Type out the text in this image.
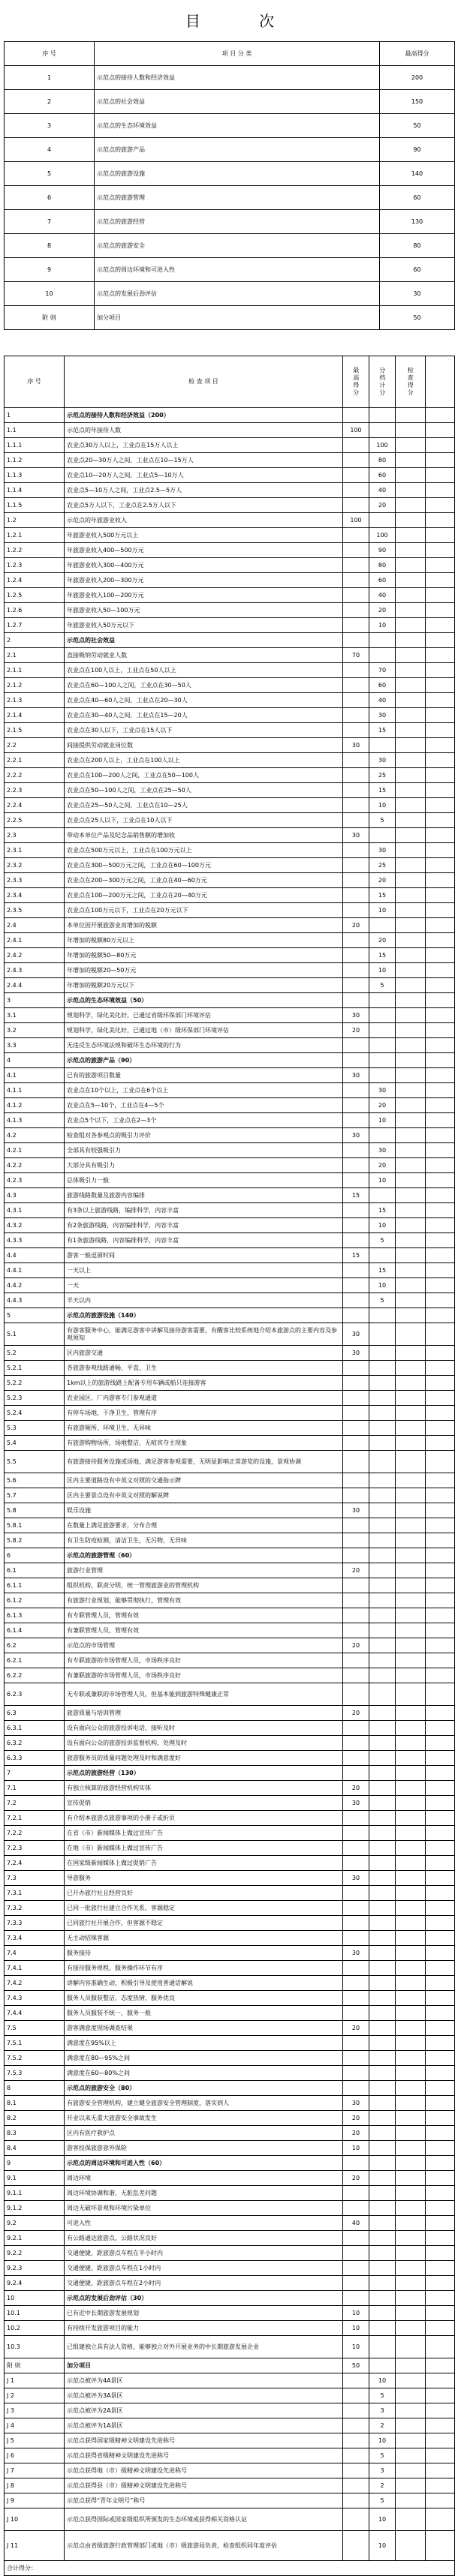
目 次
序 号	项 目 分 类	最高得分
1	示范点的接待人数和经济效益	200
2	示范点的社会效益	150
3	示范点的生态环境效益	50
4	示范点的旅游产品	90
5	示范点的旅游设施	140
6	示范点的旅游管理	60
7	示范点的旅游经营	130
8	示范点的旅游安全	80
9	示范点的周边环境和可进入性	60
10	示范点的发展后劲评估	30
附 则	加分项目	50
序 号	检 查 项 目	最高得分	分档计分	检查得分	
1	示范点的接待人数和经济效益（200）				
1.1	示范点的年接待人数	100			
1.1.1	农业点30万人以上，工业点在15万人以上		100		
1.1.2	农业点20—30万人之间，工业点在10—15万人		80		
1.1.3	农业点10—20万人之间，工业点5—10万人		60		
1.1.4	农业点5—10万人之间，工业点2.5—5万人		40		
1.1.5	农业点5万人以下，工业点在2.5万人以下		20		
1.2	示范点的年旅游业收入	100			
1.2.1	年旅游业收入500万元以上		100		
1.2.2	年旅游业收入400—500万元		90		
1.2.3	年旅游业收入300—400万元		80		
1.2.4	年旅游业收入200—300万元		60		
1.2.5	年旅游业收入100—200万元		40		
1.2.6	年旅游业收入50—100万元		20		
1.2.7	年旅游业收入50万元以下		10		
2	示范点的社会效益				
2.1	直接吸纳劳动就业人数	70			
2.1.1	农业点在100人以上，工业点在50人以上		70		
2.1.2	农业点在60—100人之间，工业点在30—50人		60		
2.1.3	农业点在40—60人之间，工业点在20—30人		40		
2.1.4	农业点在30—40人之间，工业点在15—20人		30		
2.1.5	农业点在30人以下，工业点在15人以下		15		
2.2	间接提供劳动就业岗位数	30			
2.2.1	农业点在200人以上，工业点在100人以上		30		
2.2.2	农业点在100—200人之间，工业点在50—100人		25		
2.2.3	农业点在50—100人之间，工业点在25—50人		15		
2.2.4	农业点在25—50人之间，工业点在10—25人		10		
2.2.5	农业点在25人以下，工业点在10人以下		5		
2.3	带动本单位产品及纪念品销售额的增加收	30			
2.3.1	农业点在500万元以上，工业点在100万元以上		30		
2.3.2	农业点在300—500万元之间，工业点在60—100万元		25		
2.3.3	农业点在200—300万元之间，工业点在40—60万元		20		
2.3.4	农业点在100—200万元之间，工业点在20—40万元		15		
2.3.5	农业点在100万元以下，工业点在20万元以下		10		
2.4	本单位因开展旅游业而增加的税额	20			
2.4.1	年增加的税额80万元以上		20		
2.4.2	年增加的税额50—80万元		15		
2.4.3	年增加的税额20—50万元		10		
2.4.4	年增加的税额20万元以下		5		
3	示范点的生态环境效益（50）				
3.1	规划科学，绿化美化好，已通过省级环保部门环境评估	30			
3.2	规划科学，绿化美化好，已通过地（市）级环保部门环境评估	20			
3.3	无违反生态环境法规和破坏生态环境的行为				
4	示范点的旅游产品（90）				
4.1	已有的旅游项目数量	30			
4.1.1	农业点在10个以上，工业点在6个以上		30		
4.1.2	农业点在5—10个，工业点在4—5个		20		
4.1.3	农业点5个以下，工业点在2—3个		10		
4.2	检查组对各参观点的吸引力评价	30			
4.2.1	全部具有较强吸引力		30		
4.2.2	大部分具有吸引力		20		
4.2.3	总体吸引力一般		10		
4.3	旅游线路数量及旅游内容编排	15			
4.3.1	有3条以上旅游线路，编排科学，内容丰富		15		
4.3.2	有2条旅游线路，内容编排科学，内容丰富		10		
4.3.3	有1条旅游线路，内容编排科学，内容丰富		5		
4.4	游客一般逗留时间	15			
4.4.1	一天以上		15		
4.4.2	一天		10		
4.4.3	半天以内		5		
5	示范点的旅游设施（140）				
5.1	有游客服务中心，能满足游客中讲解及接待游客需要，有醒客比较系统地介绍本旅游点的主要内容及参观须知	30			
5.2	区内旅游交通	30			
5.2.1	各旅游参观线路通畅、平直、卫生				
5.2.2	1km以上的旅游线路上配备专用车辆或船只连接游客				
5.2.3	农业园区、厂内游客专门参观通道				
5.2.4	有停车场地，干净卫生，管理有序				
5.3	有旅游厕所、环境卫生、无异味				
5.4	有旅游购物场所，场地整洁，无喧宾夺主现象				
5.5	有旅游接待服务设施或场地，满足游客参观需要，无明显影响正常游览的设施，景观协调				
5.6	区内主要道路设有中英文对照的交通指示牌				
5.7	区内主要景点设有中英文对照的解说牌				
5.8	娱乐设施	30			
5.8.1	在数量上满足旅游要求，分布合理				
5.8.2	有卫生防疫检测，清洁卫生，无污物，无异味				
6	示范点的旅游管理（60）				
6.1	旅游行业管理	20			
6.1.1	组织机构，职责分明，统一管理旅游业的管理机构				
6.1.2	有旅游行业规划，能够贯彻执行，管理有效				
6.1.3	有专职管理人员，管理有效				
6.1.4	有兼职管理人员，管理有效				
6.2	示范点的市场管理	20			
6.2.1	有专职旅游的市场管理人员，市场秩序良好				
6.2.2	有兼职旅游的市场管理人员，市场秩序良好				
6.2.3	无专职或兼职的市场管理人员，但基本能到旅游特殊健康正常				
6.3	旅游质量与培训管理	20			
6.3.1	设有面向公众的旅游投诉电话，接听及时				
6.3.2	设有面向公众的旅游投诉监督机构，处理及时				
6.3.3	旅游服务员的质量问题处理及时和满意度好				
7	示范点的旅游经营（130）				
7.1	有独立核算的旅游经营机构实体	20			
7.2	宣传促销	30			
7.2.1	有介绍本旅游点旅游事项的小册子或折页				
7.2.2	在省（市）新闻媒体上做过宣传广告				
7.2.3	在地（市）新闻媒体上做过宣传广告				
7.2.4	在国家级新闻媒体上做过促销广告				
7.3	导游服务	30			
7.3.1	已开办旅行社且经营良好				
7.3.2	已同一批旅行社建立合作关系，客源稳定				
7.3.3	已同旅行社开展合作，但客源不稳定				
7.3.4	无主动招徕客源				
7.4	服务接待	30			
7.4.1	有接待服务规程，服务操作环节有序				
7.4.2	讲解内容准确生动，积极引导及使用普通话解说				
7.4.3	服务人员服装整洁，态度热情，服务优良				
7.4.4	服务人员服装不统一，服务一般				
7.5	游客满意度现场调查结果	20			
7.5.1	满意度在95%以上				
7.5.2	满意度在80—95%之间				
7.5.3	满意度在60—80%之间				
8	示范点的旅游安全（80）				
8.1	有旅游安全管理机构，建立健全旅游安全管理制度，落实到人	30			
8.2	开业以来无重大旅游安全事故发生	20			
8.3	区内有医疗救护点	20			
8.4	游客投保旅游意外保险	10			
9	示范点的周边环境和可进入性（60）				
9.1	周边环境	20			
9.1.1	周边环境协调和谐，无脏乱差问题				
9.1.2	周边无破坏景观和环境污染单位				
9.2	可进入性	40			
9.2.1	有公路通达旅游点，公路状况良好				
9.2.2	交通便捷，距旅游点车程在半小时内				
9.2.3	交通便捷，距旅游点车程在1小时内				
9.2.4	交通便捷，距旅游点车程在2小时内				
10	示范点的发展后劲评估（30）				
10.1	已有近中长期旅游发展规划	10			
10.2	有持续开发旅游项目的能力	10			
10.3	已组建独立具有法人资格，能够独立对外开展业务的中长期旅游发展企业	10			
附 则	加分项目	50			
J 1	示范点被评为4A景区		10		
J 2	示范点被评为3A景区		5		
J 3	示范点被评为2A景区		3		
J 4	示范点被评为1A景区		2		
J 5	示范点获得国家级精神文明建设先进称号		10		
J 6	示范点获得省级精神文明建设先进称号		5		
J 7	示范点获得地（市）级精神文明建设先进称号		3		
J 8	示范点获得县（市）级精神文明建设先进称号		2		
J 9	示范点获得“青年文明号”称号		5		
J 10	示范点获得国际或国家级组织所颁发的生态环境或获得相关资格认证		10		
J 11	示范点由省级旅游行政管理部门或地（市）级旅游局负责，检查组织同年度评估		10		
合计得分：					
